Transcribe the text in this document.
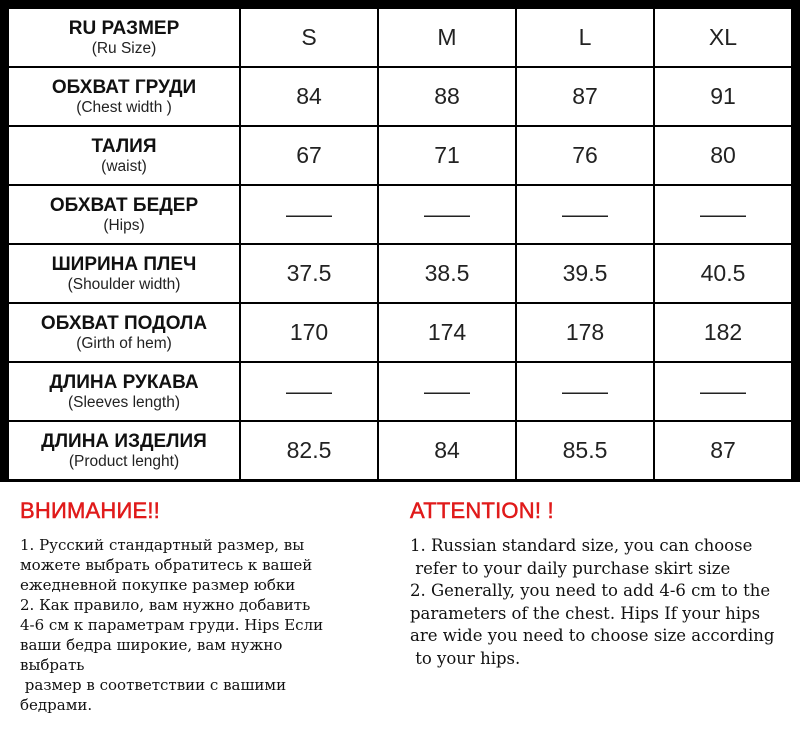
RU РАЗМЕР
(Ru Size)	S	M	L	XL

ОБХВАТ ГРУДИ
(Chest width )	84	88	87	91

ТАЛИЯ
(waist)	67	71	76	80

ОБХВАТ БЕДЕР
(Hips)	——	——	——	——

ШИРИНА ПЛЕЧ
(Shoulder width)	37.5	38.5	39.5	40.5

ОБХВАТ ПОДОЛА
(Girth of hem)	170	174	178	182

ДЛИНА РУКАВА
(Sleeves length)	——	——	——	——

ДЛИНА ИЗДЕЛИЯ
(Product lenght)	82.5	84	85.5	87
ВНИМАНИЕ!!
1. Русский стандартный размер, вы
можете выбрать обратитесь к вашей
ежедневной покупке размер юбки
2. Как правило, вам нужно добавить
4-6 см к параметрам груди. Hips Если
ваши бедра широкие, вам нужно
выбрать
размер в соответствии с вашими
бедрами.
ATTENTION! !
1. Russian standard size, you can choose
refer to your daily purchase skirt size
2. Generally, you need to add 4-6 cm to the
parameters of the chest. Hips If your hips
are wide you need to choose size according
to your hips.
